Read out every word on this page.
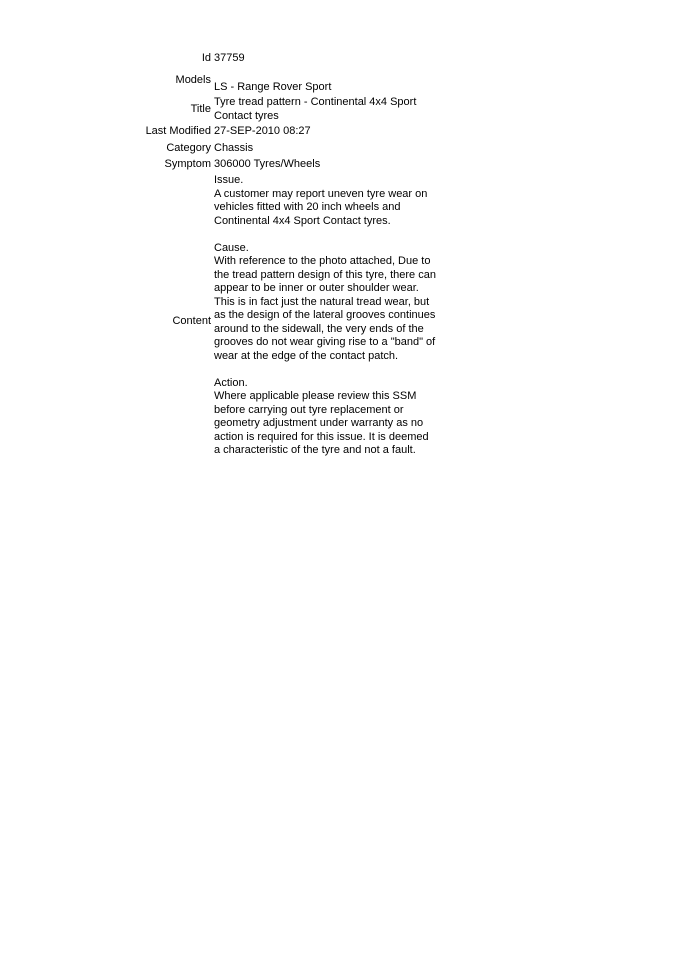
Id 37759
Models
LS - Range Rover Sport
Title
Tyre tread pattern - Continental 4x4 Sport Contact tyres
Last Modified 27-SEP-2010 08:27
Category Chassis
Symptom 306000 Tyres/Wheels
Content
Issue.
A customer may report uneven tyre wear on vehicles fitted with 20 inch wheels and Continental 4x4 Sport Contact tyres.
Cause.
With reference to the photo attached, Due to the tread pattern design of this tyre, there can appear to be inner or outer shoulder wear. This is in fact just the natural tread wear, but as the design of the lateral grooves continues around to the sidewall, the very ends of the grooves do not wear giving rise to a "band" of wear at the edge of the contact patch.
Action.
Where applicable please review this SSM before carrying out tyre replacement or geometry adjustment under warranty as no action is required for this issue. It is deemed a characteristic of the tyre and not a fault.
